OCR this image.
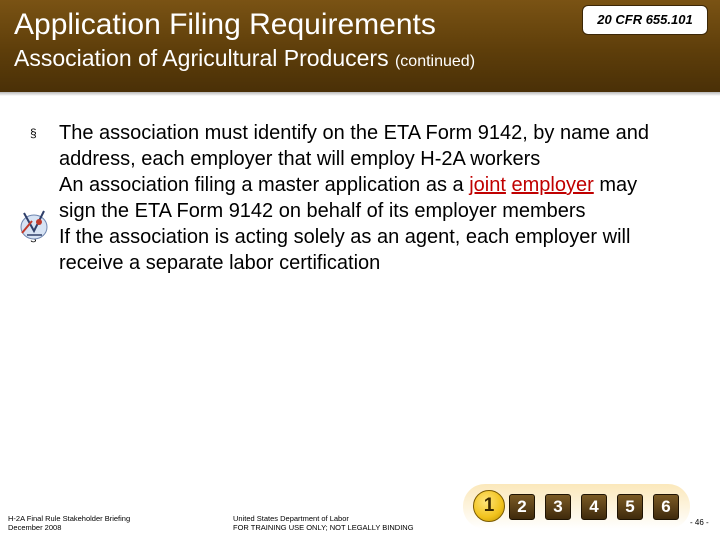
Application Filing Requirements
Association of Agricultural Producers (continued)
20 CFR 655.101
§ The association must identify on the ETA Form 9142, by name and address, each employer that will employ H-2A workers
An association filing a master application as a joint employer may sign the ETA Form 9142 on behalf of its employer members
If the association is acting solely as an agent, each employer will receive a separate labor certification
H-2A Final Rule Stakeholder Briefing
December 2008
United States Department of Labor
FOR TRAINING USE ONLY; NOT LEGALLY BINDING
- 46 -
1	2	3	4	5	6
